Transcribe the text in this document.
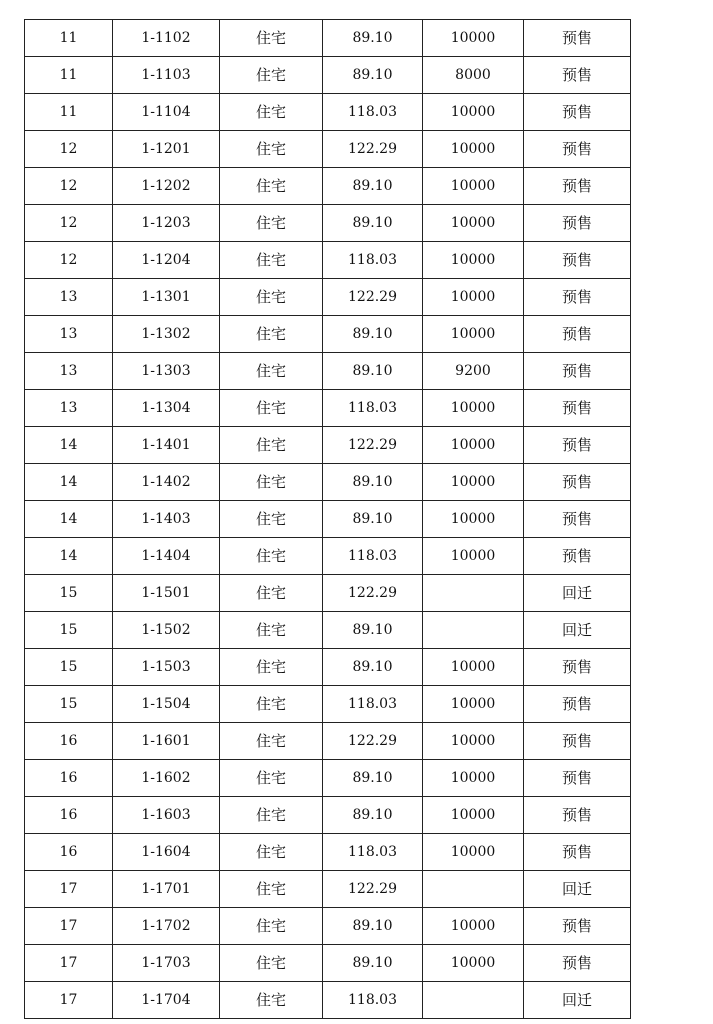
11	1-1102	住宅	89.10	10000	预售
11	1-1103	住宅	89.10	8000	预售
11	1-1104	住宅	118.03	10000	预售
12	1-1201	住宅	122.29	10000	预售
12	1-1202	住宅	89.10	10000	预售
12	1-1203	住宅	89.10	10000	预售
12	1-1204	住宅	118.03	10000	预售
13	1-1301	住宅	122.29	10000	预售
13	1-1302	住宅	89.10	10000	预售
13	1-1303	住宅	89.10	9200	预售
13	1-1304	住宅	118.03	10000	预售
14	1-1401	住宅	122.29	10000	预售
14	1-1402	住宅	89.10	10000	预售
14	1-1403	住宅	89.10	10000	预售
14	1-1404	住宅	118.03	10000	预售
15	1-1501	住宅	122.29		回迁
15	1-1502	住宅	89.10		回迁
15	1-1503	住宅	89.10	10000	预售
15	1-1504	住宅	118.03	10000	预售
16	1-1601	住宅	122.29	10000	预售
16	1-1602	住宅	89.10	10000	预售
16	1-1603	住宅	89.10	10000	预售
16	1-1604	住宅	118.03	10000	预售
17	1-1701	住宅	122.29		回迁
17	1-1702	住宅	89.10	10000	预售
17	1-1703	住宅	89.10	10000	预售
17	1-1704	住宅	118.03		回迁
